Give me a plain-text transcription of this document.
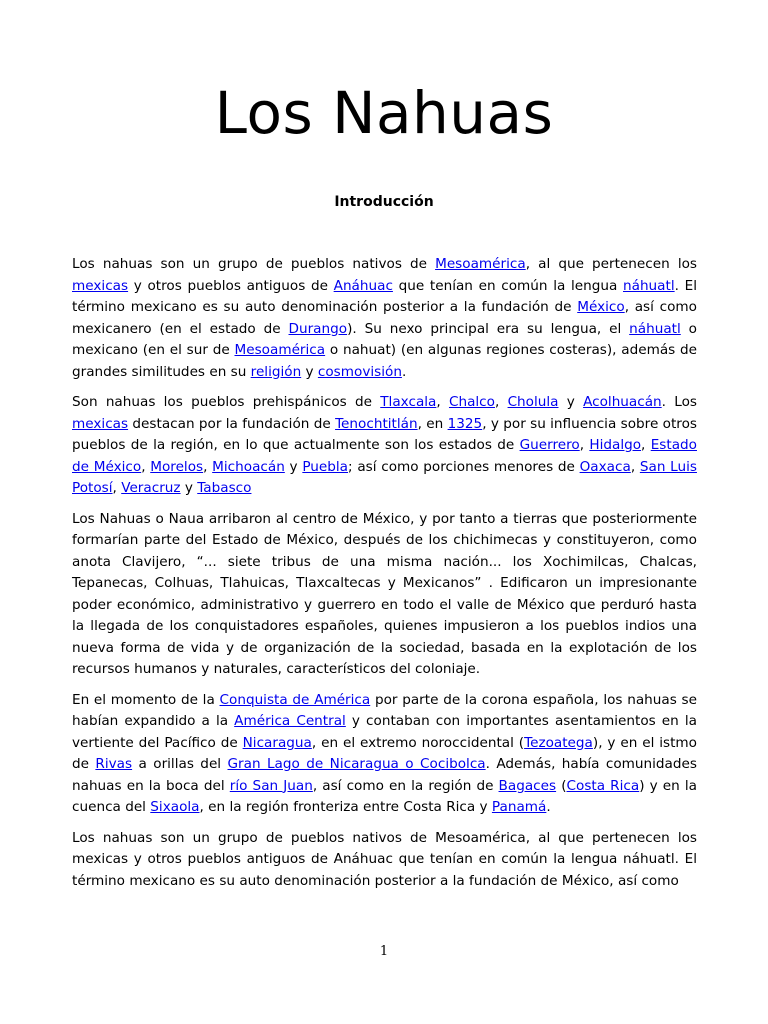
Los Nahuas
Introducción

Los nahuas son un grupo de pueblos nativos de Mesoamérica, al que pertenecen los mexicas y otros pueblos antiguos de Anáhuac que tenían en común la lengua náhuatl. El término mexicano es su auto denominación posterior a la fundación de México, así como mexicanero (en el estado de Durango). Su nexo principal era su lengua, el náhuatl o mexicano (en el sur de Mesoamérica o nahuat) (en algunas regiones costeras), además de grandes similitudes en su religión y cosmovisión.

Son nahuas los pueblos prehispánicos de Tlaxcala, Chalco, Cholula y Acolhuacán. Los mexicas destacan por la fundación de Tenochtitlán, en 1325, y por su influencia sobre otros pueblos de la región, en lo que actualmente son los estados de Guerrero, Hidalgo, Estado de México, Morelos, Michoacán y Puebla; así como porciones menores de Oaxaca, San Luis Potosí, Veracruz y Tabasco

Los Nahuas o Naua arribaron al centro de México, y por tanto a tierras que posteriormente formarían parte del Estado de México, después de los chichimecas y constituyeron, como anota Clavijero, “... siete tribus de una misma nación... los Xochimilcas, Chalcas, Tepanecas, Colhuas, Tlahuicas, Tlaxcaltecas y Mexicanos” . Edificaron un impresionante poder económico, administrativo y guerrero en todo el valle de México que perduró hasta la llegada de los conquistadores españoles, quienes impusieron a los pueblos indios una nueva forma de vida y de organización de la sociedad, basada en la explotación de los recursos humanos y naturales, característicos del coloniaje.

En el momento de la Conquista de América por parte de la corona española, los nahuas se habían expandido a la América Central y contaban con importantes asentamientos en la vertiente del Pacífico de Nicaragua, en el extremo noroccidental (Tezoatega), y en el istmo de Rivas a orillas del Gran Lago de Nicaragua o Cocibolca. Además, había comunidades nahuas en la boca del río San Juan, así como en la región de Bagaces (Costa Rica) y en la cuenca del Sixaola, en la región fronteriza entre Costa Rica y Panamá.

Los nahuas son un grupo de pueblos nativos de Mesoamérica, al que pertenecen los mexicas y otros pueblos antiguos de Anáhuac que tenían en común la lengua náhuatl. El término mexicano es su auto denominación posterior a la fundación de México, así como

1
